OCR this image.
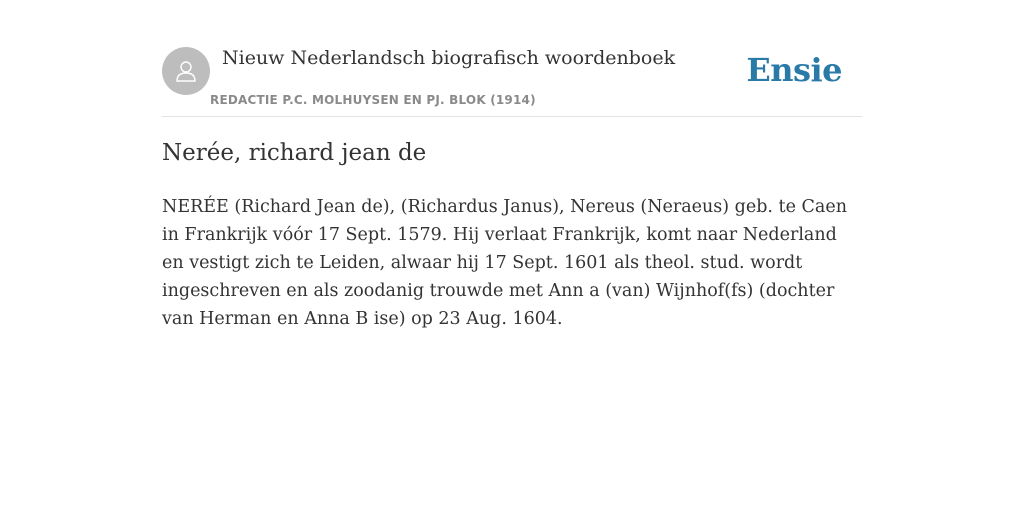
Nieuw Nederlandsch biografisch woordenboek
REDACTIE P.C. MOLHUYSEN EN PJ. BLOK (1914)
Ensie
Nerée, richard jean de

NERÉE (Richard Jean de), (Richardus Janus), Nereus (Neraeus) geb. te Caen in Frankrijk vóór 17 Sept. 1579. Hij verlaat Frankrijk, komt naar Nederland en vestigt zich te Leiden, alwaar hij 17 Sept. 1601 als theol. stud. wordt ingeschreven en als zoodanig trouwde met Ann a (van) Wijnhof(fs) (dochter van Herman en Anna B ise) op 23 Aug. 1604.
